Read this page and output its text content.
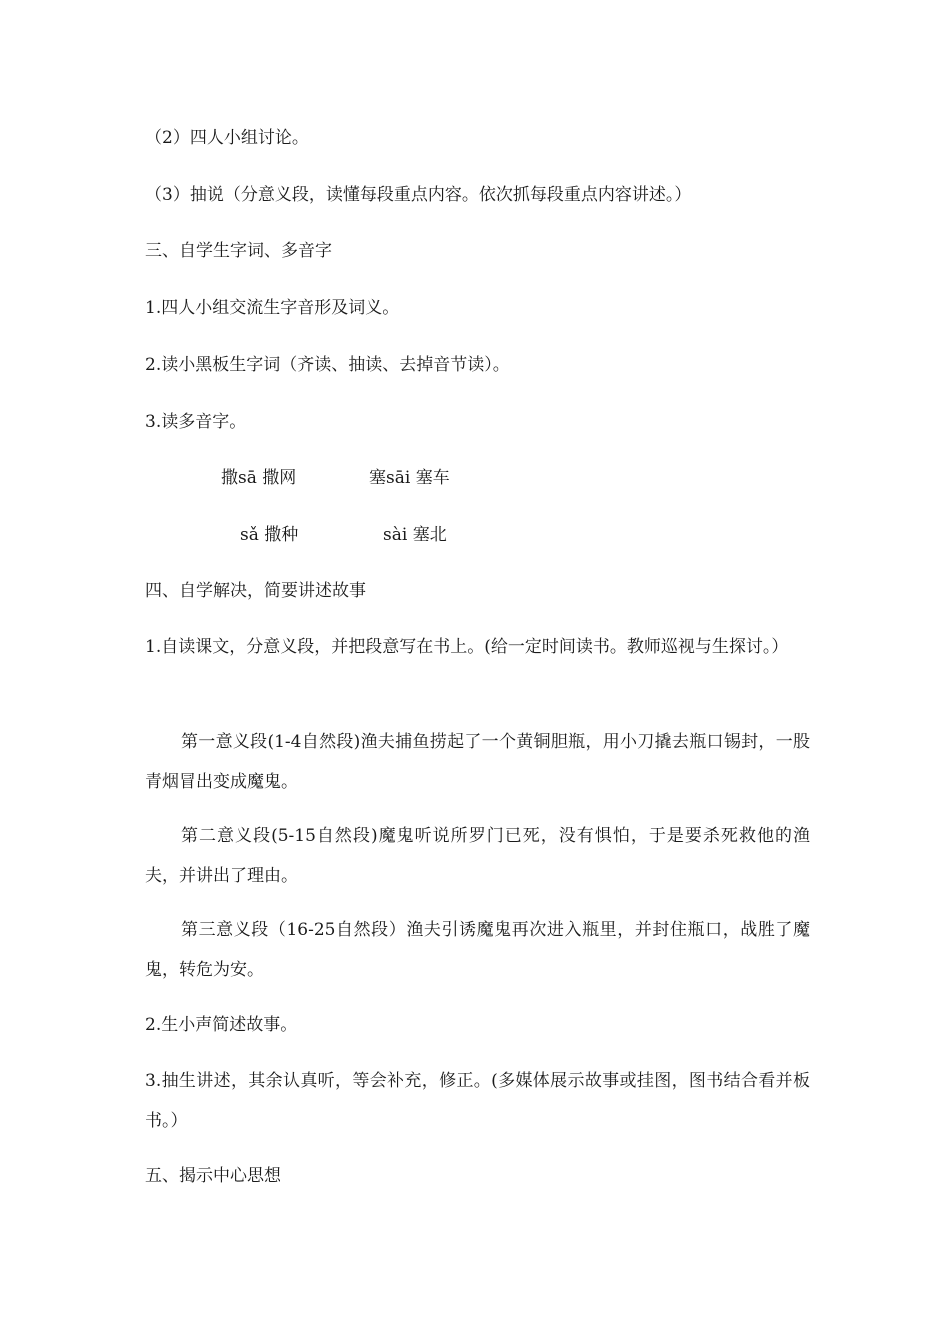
（2）四人小组讨论。
（3）抽说（分意义段，读懂每段重点内容。依次抓每段重点内容讲述。）
三、自学生字词、多音字
1.四人小组交流生字音形及词义。
2.读小黑板生字词（齐读、抽读、去掉音节读）。
3.读多音字。
撒sā 撒网	塞sāi 塞车
sǎ 撒种	sài 塞北
四、自学解决，简要讲述故事
1.自读课文，分意义段，并把段意写在书上。(给一定时间读书。教师巡视与生探讨。）
第一意义段(1-4自然段)渔夫捕鱼捞起了一个黄铜胆瓶，用小刀撬去瓶口锡封，一股青烟冒出变成魔鬼。
第二意义段(5-15自然段)魔鬼听说所罗门已死，没有惧怕，于是要杀死救他的渔夫，并讲出了理由。
第三意义段（16-25自然段）渔夫引诱魔鬼再次进入瓶里，并封住瓶口，战胜了魔鬼，转危为安。
2.生小声简述故事。
3.抽生讲述，其余认真听，等会补充，修正。(多媒体展示故事或挂图，图书结合看并板书。）
五、揭示中心思想
